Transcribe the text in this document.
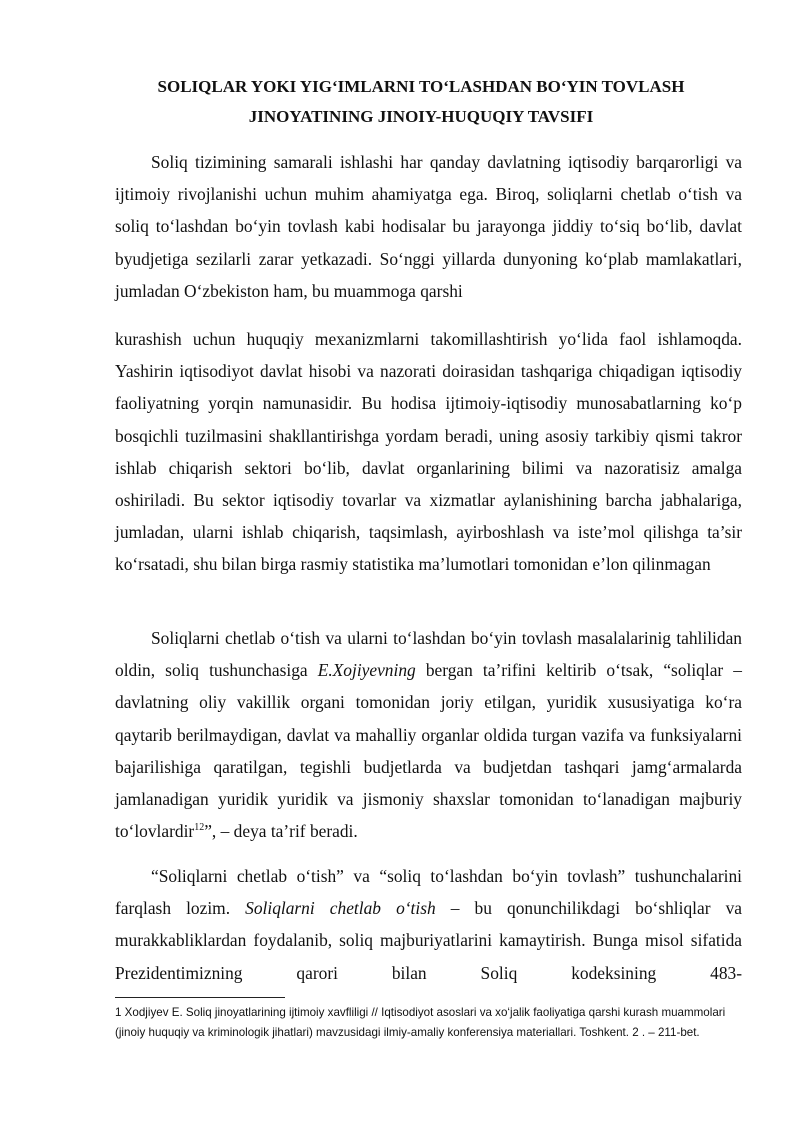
SOLIQLAR YOKI YIG‘IMLARNI TO‘LASHDAN BO‘YIN TOVLASH
JINOYATINING JINOIY-HUQUQIY TAVSIFI

Soliq tizimining samarali ishlashi har qanday davlatning iqtisodiy barqarorligi va ijtimoiy rivojlanishi uchun muhim ahamiyatga ega. Biroq, soliqlarni chetlab o‘tish va soliq to‘lashdan bo‘yin tovlash kabi hodisalar bu jarayonga jiddiy to‘siq bo‘lib, davlat byudjetiga sezilarli zarar yetkazadi. So‘nggi yillarda dunyoning ko‘plab mamlakatlari, jumladan O‘zbekiston ham, bu muammoga qarshi

kurashish uchun huquqiy mexanizmlarni takomillashtirish yo‘lida faol ishlamoqda. Yashirin iqtisodiyot davlat hisobi va nazorati doirasidan tashqariga chiqadigan iqtisodiy faoliyatning yorqin namunasidir. Bu hodisa ijtimoiy-iqtisodiy munosabatlarning ko‘p bosqichli tuzilmasini shakllantirishga yordam beradi, uning asosiy tarkibiy qismi takror ishlab chiqarish sektori bo‘lib, davlat organlarining bilimi va nazoratisiz amalga oshiriladi. Bu sektor iqtisodiy tovarlar va xizmatlar aylanishining barcha jabhalariga, jumladan, ularni ishlab chiqarish, taqsimlash, ayirboshlash va iste’mol qilishga ta’sir ko‘rsatadi, shu bilan birga rasmiy statistika ma’lumotlari tomonidan e’lon qilinmagan

Soliqlarni chetlab o‘tish va ularni to‘lashdan bo‘yin tovlash masalalarinig tahlilidan oldin, soliq tushunchasiga E.Xojiyevning bergan ta’rifini keltirib o‘tsak, “soliqlar – davlatning oliy vakillik organi tomonidan joriy etilgan, yuridik xususiyatiga ko‘ra qaytarib berilmaydigan, davlat va mahalliy organlar oldida turgan vazifa va funksiyalarni bajarilishiga qaratilgan, tegishli budjetlarda va budjetdan tashqari jamg‘armalarda jamlanadigan yuridik yuridik va jismoniy shaxslar tomonidan to‘lanadigan majburiy to‘lovlardir$^{12}$”, – deya ta’rif beradi.

“Soliqlarni chetlab o‘tish” va “soliq to‘lashdan bo‘yin tovlash” tushunchalarini farqlash lozim. Soliqlarni chetlab o‘tish – bu qonunchilikdagi bo‘shliqlar va murakkabliklardan foydalanib, soliq majburiyatlarini kamaytirish. Bunga misol sifatida Prezidentimizning qarori bilan Soliq kodeksining 483-

1 Xodjiyev E. Soliq jinoyatlarining ijtimoiy xavfliligi // Iqtisodiyot asoslari va xo‘jalik faoliyatiga qarshi kurash muammolari (jinoiy huquqiy va kriminologik jihatlari) mavzusidagi ilmiy-amaliy konferensiya materiallari. Toshkent. 2 . – 211-bet.
